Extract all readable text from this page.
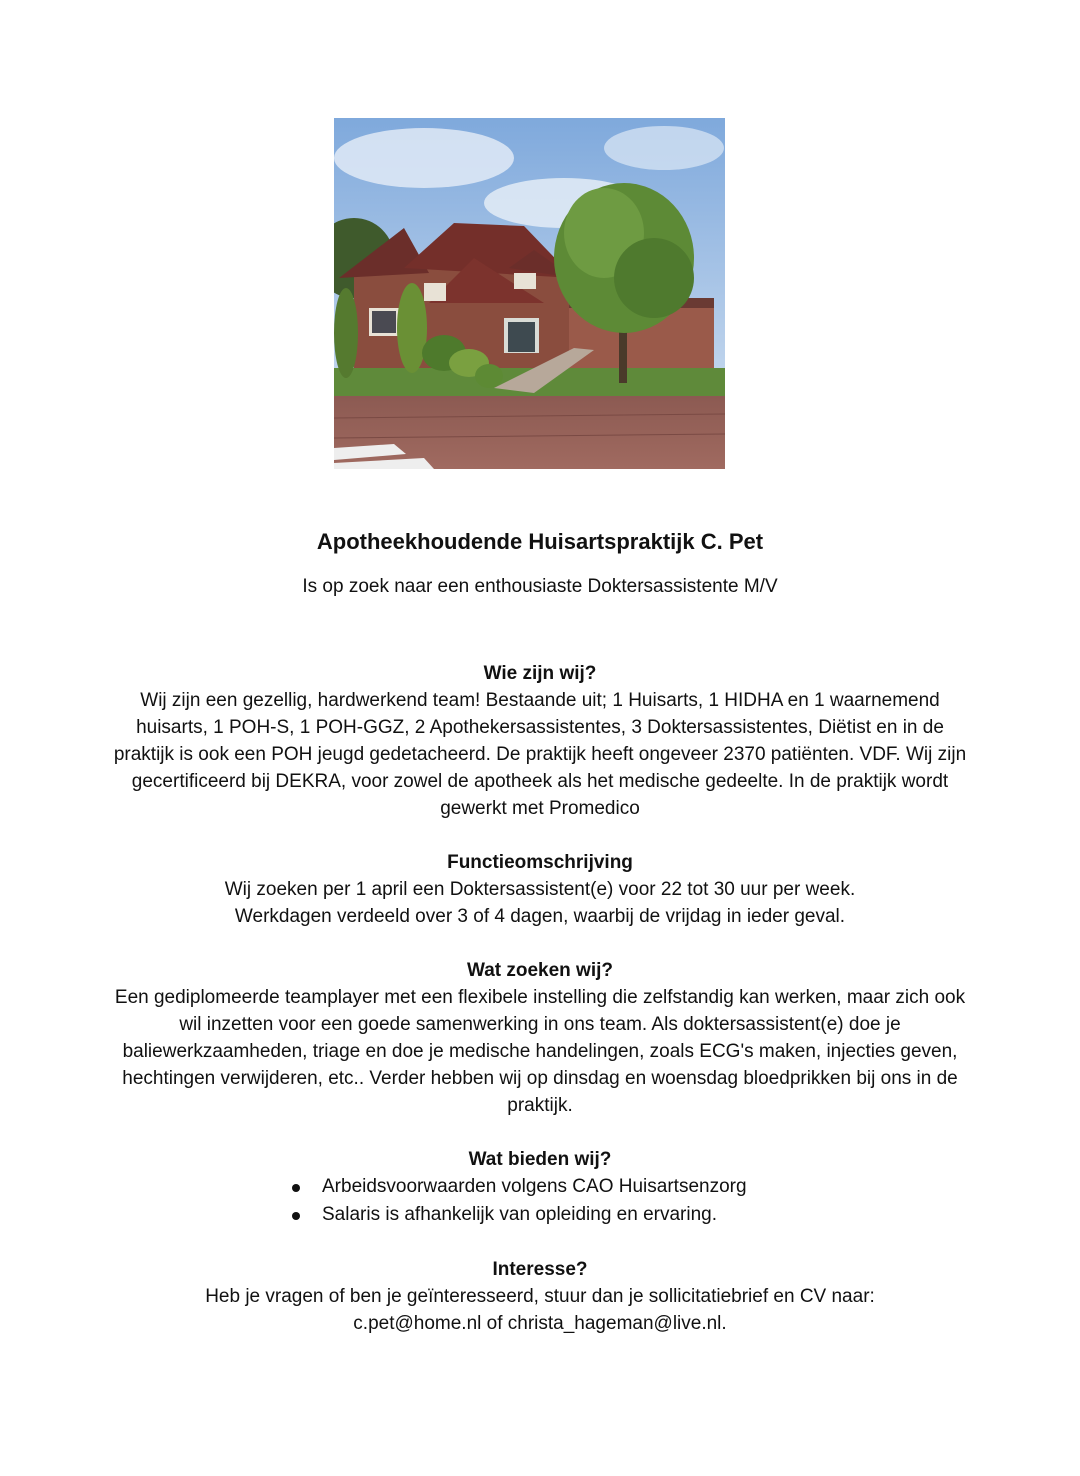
Apotheekhoudende Huisartspraktijk C. Pet
Is op zoek naar een enthousiaste Doktersassistente M/V
Wie zijn wij?

Wij zijn een gezellig, hardwerkend team! Bestaande uit; 1 Huisarts, 1 HIDHA en 1 waarnemend huisarts, 1 POH-S, 1 POH-GGZ, 2 Apothekersassistentes, 3 Doktersassistentes, Diëtist en in de praktijk is ook een POH jeugd gedetacheerd. De praktijk heeft ongeveer 2370 patiënten. VDF. Wij zijn gecertificeerd bij DEKRA, voor zowel de apotheek als het medische gedeelte. In de praktijk wordt gewerkt met Promedico

Functieomschrijving

Wij zoeken per 1 april een Doktersassistent(e) voor 22 tot 30 uur per week.

Werkdagen verdeeld over 3 of 4 dagen, waarbij de vrijdag in ieder geval.

Wat zoeken wij?

Een gediplomeerde teamplayer met een flexibele instelling die zelfstandig kan werken, maar zich ook wil inzetten voor een goede samenwerking in ons team. Als doktersassistent(e) doe je baliewerkzaamheden, triage en doe je medische handelingen, zoals ECG's maken, injecties geven, hechtingen verwijderen, etc.. Verder hebben wij op dinsdag en woensdag bloedprikken bij ons in de praktijk.

Wat bieden wij?
Arbeidsvoorwaarden volgens CAO Huisartsenzorg
Salaris is afhankelijk van opleiding en ervaring.
Interesse?

Heb je vragen of ben je geïnteresseerd, stuur dan je sollicitatiebrief en CV naar:

c.pet@home.nl of christa_hageman@live.nl.
